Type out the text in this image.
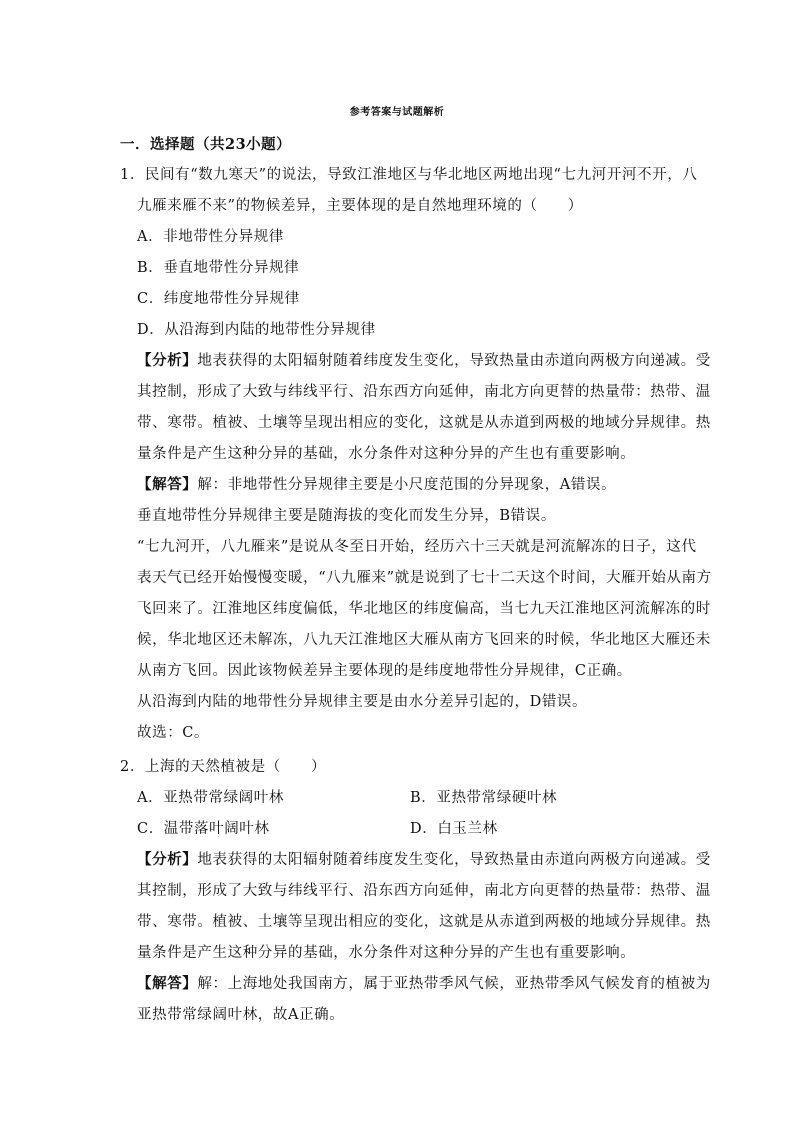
参考答案与试题解析
一．选择题（共23小题）
1．民间有“数九寒天”的说法，导致江淮地区与华北地区两地出现“七九河开河不开，八
九雁来雁不来”的物候差异，主要体现的是自然地理环境的（　　）
A．非地带性分异规律
B．垂直地带性分异规律
C．纬度地带性分异规律
D．从沿海到内陆的地带性分异规律
【分析】地表获得的太阳辐射随着纬度发生变化，导致热量由赤道向两极方向递减。受
其控制，形成了大致与纬线平行、沿东西方向延伸，南北方向更替的热量带：热带、温
带、寒带。植被、土壤等呈现出相应的变化，这就是从赤道到两极的地域分异规律。热
量条件是产生这种分异的基础，水分条件对这种分异的产生也有重要影响。
【解答】解：非地带性分异规律主要是小尺度范围的分异现象，A错误。
垂直地带性分异规律主要是随海拔的变化而发生分异，B错误。
“七九河开，八九雁来”是说从冬至日开始，经历六十三天就是河流解冻的日子，这代
表天气已经开始慢慢变暖，“八九雁来”就是说到了七十二天这个时间，大雁开始从南方
飞回来了。江淮地区纬度偏低，华北地区的纬度偏高，当七九天江淮地区河流解冻的时
候，华北地区还未解冻，八九天江淮地区大雁从南方飞回来的时候，华北地区大雁还未
从南方飞回。因此该物候差异主要体现的是纬度地带性分异规律，C正确。
从沿海到内陆的地带性分异规律主要是由水分差异引起的，D错误。
故选：C。
2．上海的天然植被是（　　）
A．亚热带常绿阔叶林	B．亚热带常绿硬叶林
C．温带落叶阔叶林	D．白玉兰林
【分析】地表获得的太阳辐射随着纬度发生变化，导致热量由赤道向两极方向递减。受
其控制，形成了大致与纬线平行、沿东西方向延伸，南北方向更替的热量带：热带、温
带、寒带。植被、土壤等呈现出相应的变化，这就是从赤道到两极的地域分异规律。热
量条件是产生这种分异的基础，水分条件对这种分异的产生也有重要影响。
【解答】解：上海地处我国南方，属于亚热带季风气候，亚热带季风气候发育的植被为
亚热带常绿阔叶林，故A正确。
